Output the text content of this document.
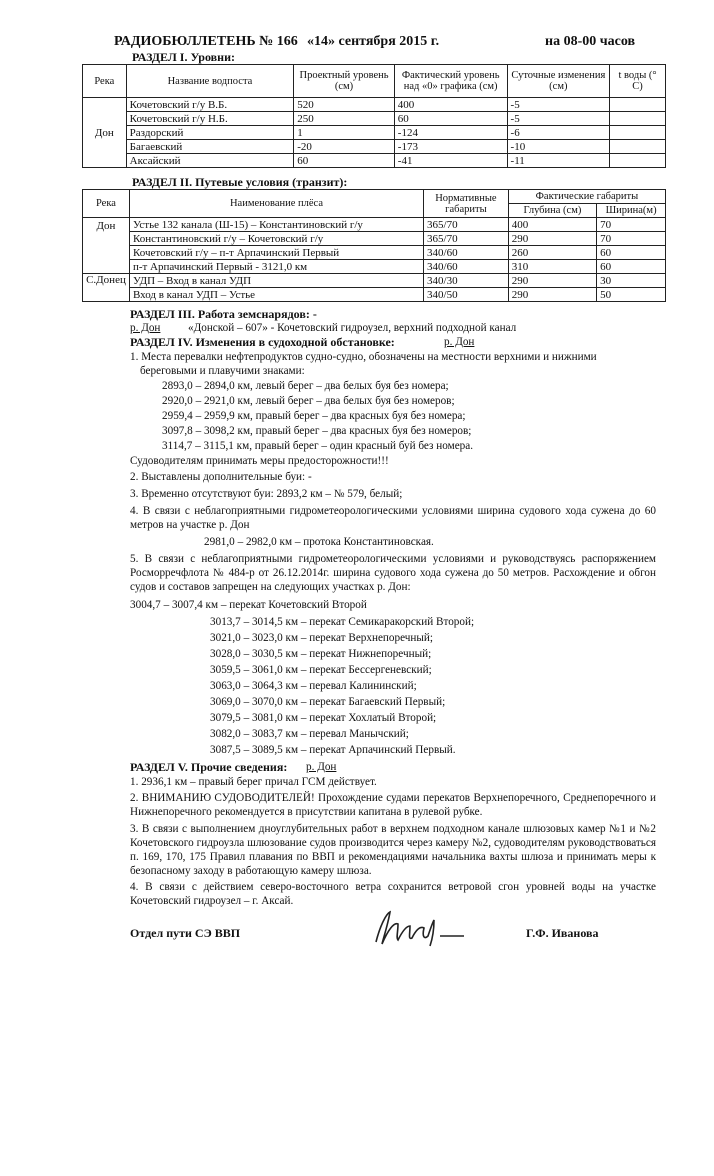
РАДИОБЮЛЛЕТЕНЬ № 166 «14» сентября 2015 г.	на 08-00 часов
РАЗДЕЛ I. Уровни:
Река	Название водпоста	Проектный уровень (см)	Фактический уровень над «0» графика (см)	Суточные изменения (см)	t воды (° С)
Дон	Кочетовский г/у В.Б.	520	400	-5	
	Кочетовский г/у Н.Б.	250	60	-5	
	Раздорский	1	-124	-6	
	Багаевский	-20	-173	-10	
	Аксайский	60	-41	-11	
РАЗДЕЛ II. Путевые условия (транзит):
Река	Наименование плёса	Нормативные габариты	Фактические габариты	
			Глубина (см)	Ширина(м)
Дон	Устье 132 канала (Ш-15) – Константиновский г/у	365/70	400	70
	Константиновский г/у – Кочетовский г/у	365/70	290	70
	Кочетовский г/у – п-т Арпачинский Первый	340/60	260	60
	п-т Арпачинский Первый - 3121,0 км	340/60	310	60
С.Донец	УДП – Вход в канал УДП	340/30	290	30
	Вход в канал УДП – Устье	340/50	290	50
РАЗДЕЛ III. Работа земснарядов: -
р. Дон «Донской – 607» - Кочетовский гидроузел, верхний подходной канал
РАЗДЕЛ IV. Изменения в судоходной обстановке:	р. Дон
1. Места перевалки нефтепродуктов судно-судно, обозначены на местности верхними и нижними
береговыми и плавучими знаками:
2893,0 – 2894,0 км, левый берег – два белых буя без номера;
2920,0 – 2921,0 км, левый берег – два белых буя без номеров;
2959,4 – 2959,9 км, правый берег – два красных буя без номера;
3097,8 – 3098,2 км, правый берег – два красных буя без номеров;
3114,7 – 3115,1 км, правый берег – один красный буй без номера.
Судоводителям принимать меры предосторожности!!!
2. Выставлены дополнительные буи: -
3. Временно отсутствуют буи: 2893,2 км – № 579, белый;
4. В связи с неблагоприятными гидрометеорологическими условиями ширина судового хода сужена до 60 метров на участке р. Дон
2981,0 – 2982,0 км – протока Константиновская.
5. В связи с неблагоприятными гидрометеорологическими условиями и руководствуясь распоряжением Росморречфлота № 484-р от 26.12.2014г. ширина судового хода сужена до 50 метров. Расхождение и обгон судов и составов запрещен на следующих участках р. Дон:
3004,7 – 3007,4 км – перекат Кочетовский Второй
3013,7 – 3014,5 км – перекат Семикаракорский Второй;
3021,0 – 3023,0 км – перекат Верхнепоречный;
3028,0 – 3030,5 км – перекат Нижнепоречный;
3059,5 – 3061,0 км – перекат Бессергеневский;
3063,0 – 3064,3 км – перевал Калининский;
3069,0 – 3070,0 км – перекат Багаевский Первый;
3079,5 – 3081,0 км – перекат Хохлатый Второй;
3082,0 – 3083,7 км – перевал Манычский;
3087,5 – 3089,5 км – перекат Арпачинский Первый.
РАЗДЕЛ V. Прочие сведения: р. Дон
1. 2936,1 км – правый берег причал ГСМ действует.
2. ВНИМАНИЮ СУДОВОДИТЕЛЕЙ! Прохождение судами перекатов Верхнепоречного, Среднепоречного и Нижнепоречного рекомендуется в присутствии капитана в рулевой рубке.
3. В связи с выполнением дноуглубительных работ в верхнем подходном канале шлюзовых камер №1 и №2 Кочетовского гидроузла шлюзование судов производится через камеру №2, судоводителям руководствоваться п. 169, 170, 175 Правил плавания по ВВП и рекомендациями начальника вахты шлюза и принимать меры к безопасному заходу в работающую камеру шлюза.
4. В связи с действием северо-восточного ветра сохранится ветровой сгон уровней воды на участке Кочетовский гидроузел – г. Аксай.
Отдел пути СЭ ВВП	Г.Ф. Иванова
